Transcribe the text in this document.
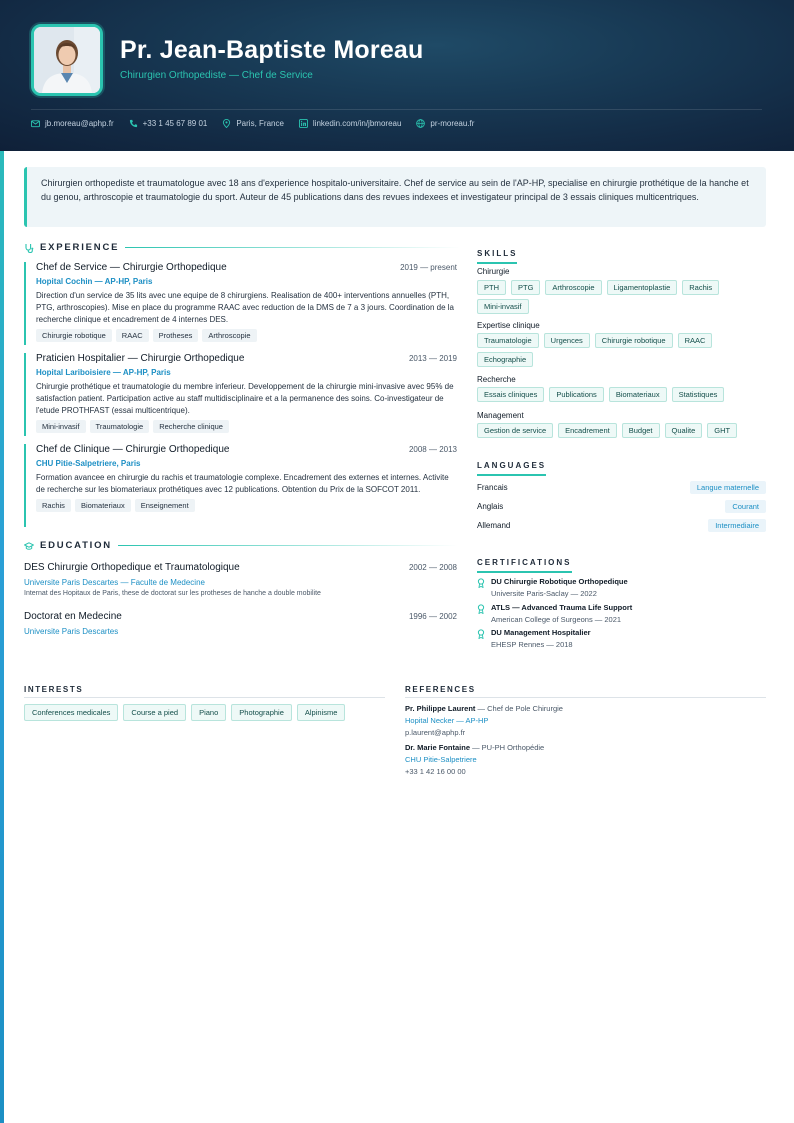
Pr. Jean-Baptiste Moreau
Chirurgien Orthopediste — Chef de Service
jb.moreau@aphp.fr	+33 1 45 67 89 01	Paris, France	linkedin.com/in/jbmoreau	pr-moreau.fr
Chirurgien orthopediste et traumatologue avec 18 ans d'experience hospitalo-universitaire. Chef de service au sein de l'AP-HP, specialise en chirurgie prothétique de la hanche et du genou, arthroscopie et traumatologie du sport. Auteur de 45 publications dans des revues indexees et investigateur principal de 3 essais cliniques multicentriques.
EXPERIENCE
Chef de Service — Chirurgie Orthopedique	2019 — present
Hopital Cochin — AP-HP, Paris
Direction d'un service de 35 lits avec une equipe de 8 chirurgiens. Realisation de 400+ interventions annuelles (PTH, PTG, arthroscopies). Mise en place du programme RAAC avec reduction de la DMS de 7 a 3 jours. Coordination de la recherche clinique et encadrement de 4 internes DES.
Chirurgie robotique	RAAC	Protheses	Arthroscopie
Praticien Hospitalier — Chirurgie Orthopedique	2013 — 2019
Hopital Lariboisiere — AP-HP, Paris
Chirurgie prothétique et traumatologie du membre inferieur. Developpement de la chirurgie mini-invasive avec 95% de satisfaction patient. Participation active au staff multidisciplinaire et a la permanence des soins. Co-investigateur de l'etude PROTHFAST (essai multicentrique).
Mini-invasif	Traumatologie	Recherche clinique
Chef de Clinique — Chirurgie Orthopedique	2008 — 2013
CHU Pitie-Salpetriere, Paris
Formation avancee en chirurgie du rachis et traumatologie complexe. Encadrement des externes et internes. Activite de recherche sur les biomateriaux prothétiques avec 12 publications. Obtention du Prix de la SOFCOT 2011.
Rachis	Biomateriaux	Enseignement
EDUCATION
DES Chirurgie Orthopedique et Traumatologique	2002 — 2008
Universite Paris Descartes — Faculte de Medecine
Internat des Hopitaux de Paris, these de doctorat sur les protheses de hanche a double mobilite
Doctorat en Medecine	1996 — 2002
Universite Paris Descartes
SKILLS
Chirurgie
PTH	PTG	Arthroscopie	Ligamentoplastie	Rachis
Mini-invasif
Expertise clinique
Traumatologie	Urgences	Chirurgie robotique	RAAC
Echographie
Recherche
Essais cliniques	Publications	Biomateriaux	Statistiques
Management
Gestion de service	Encadrement	Budget	Qualite	GHT
LANGUAGES
Francais	Langue maternelle
Anglais	Courant
Allemand	Intermediaire
CERTIFICATIONS
DU Chirurgie Robotique Orthopedique
Universite Paris-Saclay — 2022
ATLS — Advanced Trauma Life Support
American College of Surgeons — 2021
DU Management Hospitalier
EHESP Rennes — 2018
INTERESTS
Conferences medicales	Course a pied	Piano	Photographie	Alpinisme
REFERENCES
Pr. Philippe Laurent — Chef de Pole Chirurgie
Hopital Necker — AP-HP
p.laurent@aphp.fr
Dr. Marie Fontaine — PU-PH Orthopédie
CHU Pitie-Salpetriere
+33 1 42 16 00 00
